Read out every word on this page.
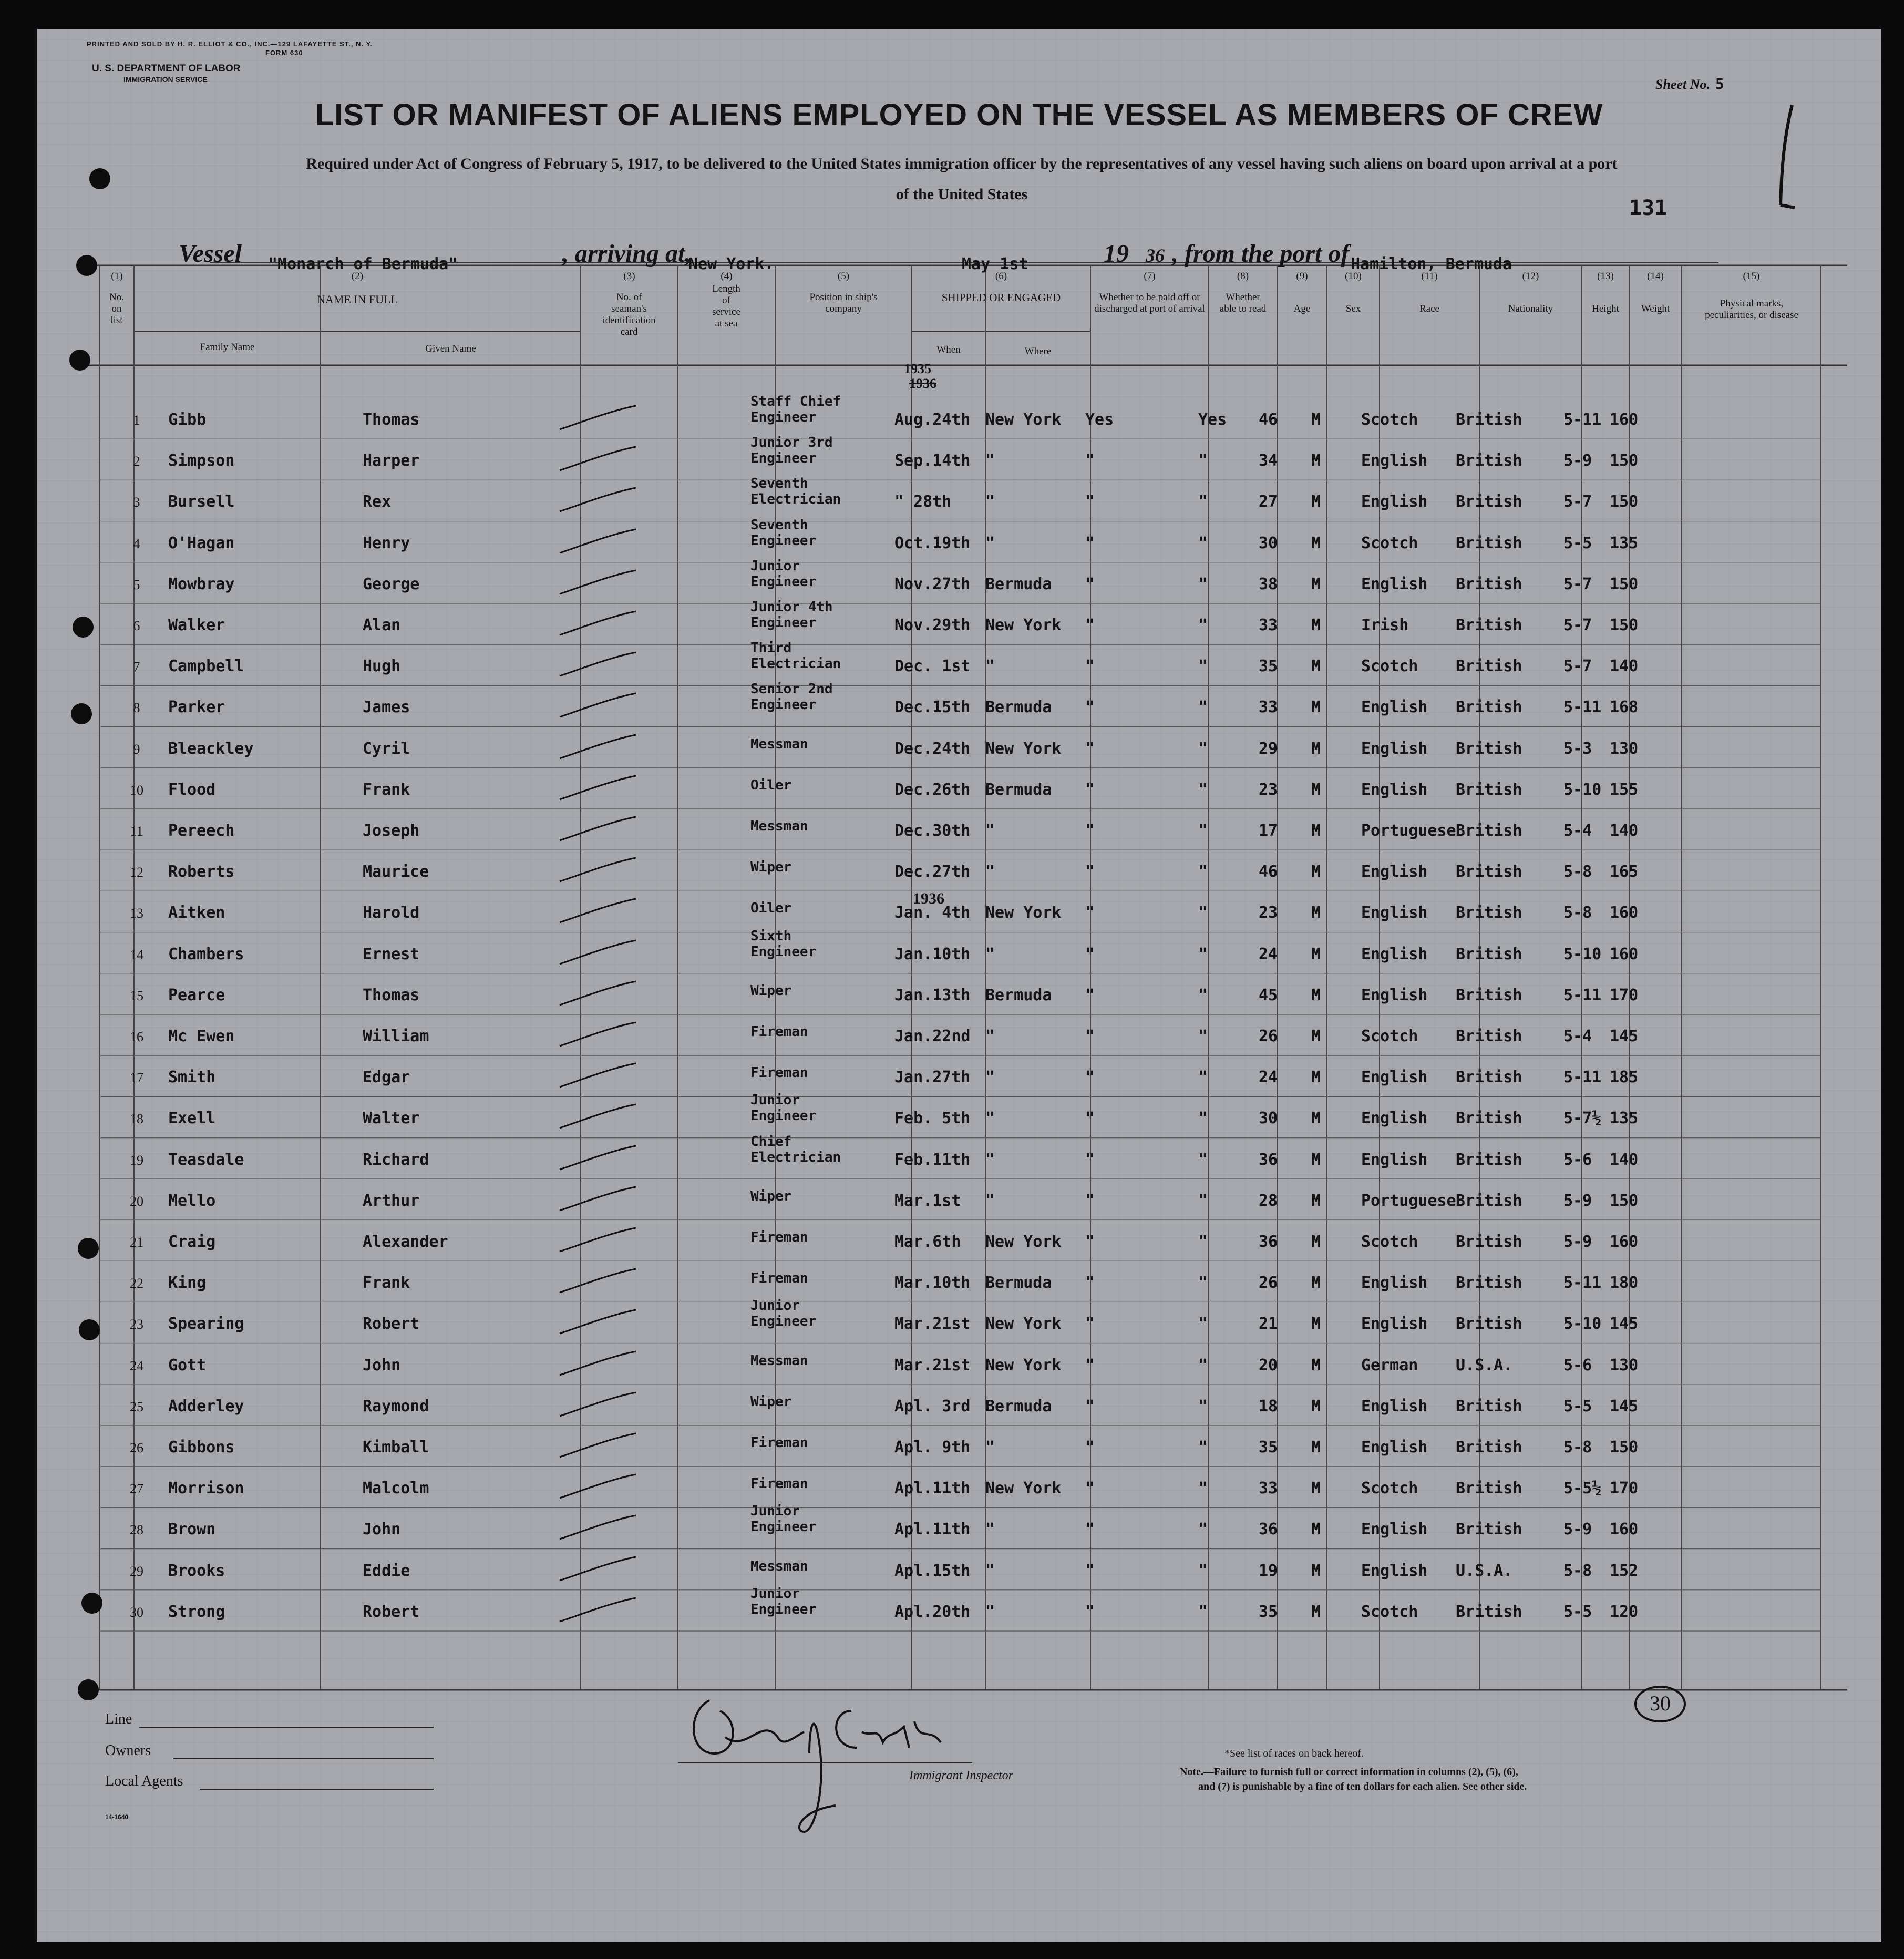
PRINTED AND SOLD BY H. R. ELLIOT & CO., INC.—129 LAFAYETTE ST., N. Y.
FORM 630
U. S. DEPARTMENT OF LABOR
IMMIGRATION SERVICE	Sheet No. 5
LIST OR MANIFEST OF ALIENS EMPLOYED ON THE VESSEL AS MEMBERS OF CREW
Required under Act of Congress of February 5, 1917, to be delivered to the United States immigration officer by the representatives of any vessel having such aliens on board upon arrival at a port
of the United States
131
Vessel "Monarch of Bermuda"	, arriving at,
New York.	May 1st	19 36 , from the port of Hamilton, Bermuda
(1)
No. on list
(2)
NAME IN FULL
Family Name	Given Name
(3)
No. of seaman's identification card
(4)
Length of service at sea
(5)
Position in ship's company
(6)
SHIPPED OR ENGAGED
When	Where
(7)
Whether to be paid off or discharged at port of arrival
(8)
Whether able to read
(9)
Age
(10)
Sex
(11)
Race
(12)
Nationality
(13)
Height
(14)
Weight
(15)
Physical marks, peculiarities, or disease
1935
1936
1936
1	Gibb	Thomas
Staff Chief
Engineer	Aug.24th New York Yes	Yes 46 M	Scotch British	5-11 160
2	Simpson	Harper
Junior 3rd
Engineer	Sep.14th "	"	"	34 M	English British	5-9 150
3	Bursell	Rex
Seventh
Electrician	" 28th "	"	"	27 M	English British	5-7 150
4	O'Hagan	Henry
Seventh
Engineer	Oct.19th "	"	"	30 M	Scotch British	5-5 135
5	Mowbray	George
Junior
Engineer	Nov.27th Bermuda "	"	38 M	English British	5-7 150
6	Walker	Alan
Junior 4th
Engineer	Nov.29th New York "	"	33 M	Irish	British	5-7 150
7	Campbell	Hugh
Third
Electrician	Dec. 1st "	"	"	35 M	Scotch British	5-7 140
8	Parker	James
Senior 2nd
Engineer	Dec.15th Bermuda "	"	33 M	English British	5-11 168
9	Bleackley	Cyril	Messman	Dec.24th New York "	"	29 M	English British	5-3 130
10	Flood	Frank	Oiler	Dec.26th Bermuda "	"	23 M	English British	5-10 155
11	Pereech	Joseph	Messman	Dec.30th "	"	"	17 M	Portuguese British	5-4 140
12	Roberts	Maurice	Wiper	Dec.27th "	"	"	46 M	English British	5-8 165
13	Aitken	Harold	Oiler	Jan. 4th New York "	"	23 M	English British	5-8 160
14	Chambers	Ernest
Sixth
Engineer	Jan.10th "	"	"	24 M	English British	5-10 160
15	Pearce	Thomas	Wiper	Jan.13th Bermuda "	"	45 M	English British	5-11 170
16	Mc Ewen	William	Fireman	Jan.22nd "	"	"	26 M	Scotch British	5-4 145
17	Smith	Edgar	Fireman	Jan.27th "	"	"	24 M	English British	5-11 185
18	Exell	Walter
Junior
Engineer	Feb. 5th "	"	"	30 M	English British	5-7½ 135
19	Teasdale	Richard
Chief
Electrician	Feb.11th "	"	"	36 M	English British	5-6 140
20	Mello	Arthur	Wiper	Mar.1st "	"	"	28 M	Portuguese British	5-9 150
21	Craig	Alexander	Fireman	Mar.6th New York "	"	36 M	Scotch British	5-9 160
22	King	Frank	Fireman	Mar.10th Bermuda "	"	26 M	English British	5-11 180
23	Spearing	Robert
Junior
Engineer	Mar.21st New York "	"	21 M	English British	5-10 145
24	Gott	John	Messman	Mar.21st New York "	"	20 M	German U.S.A.	5-6 130
25	Adderley	Raymond	Wiper	Apl. 3rd Bermuda "	"	18 M	English British	5-5 145
26	Gibbons	Kimball	Fireman	Apl. 9th "	"	"	35 M	English British	5-8 150
27	Morrison	Malcolm	Fireman	Apl.11th New York "	"	33 M	Scotch British	5-5½ 170
28	Brown	John
Junior
Engineer	Apl.11th "	"	"	36 M	English British	5-9 160
29	Brooks	Eddie	Messman	Apl.15th "	"	"	19 M	English U.S.A.	5-8 152
30	Strong	Robert
Junior
Engineer	Apl.20th "	"	"	35 M	Scotch British	5-5 120
30
Line
Owners
Local Agents
14-1640
Immigrant Inspector
*See list of races on back hereof.
Note.—Failure to furnish full or correct information in columns (2), (5), (6),
and (7) is punishable by a fine of ten dollars for each alien. See other side.
